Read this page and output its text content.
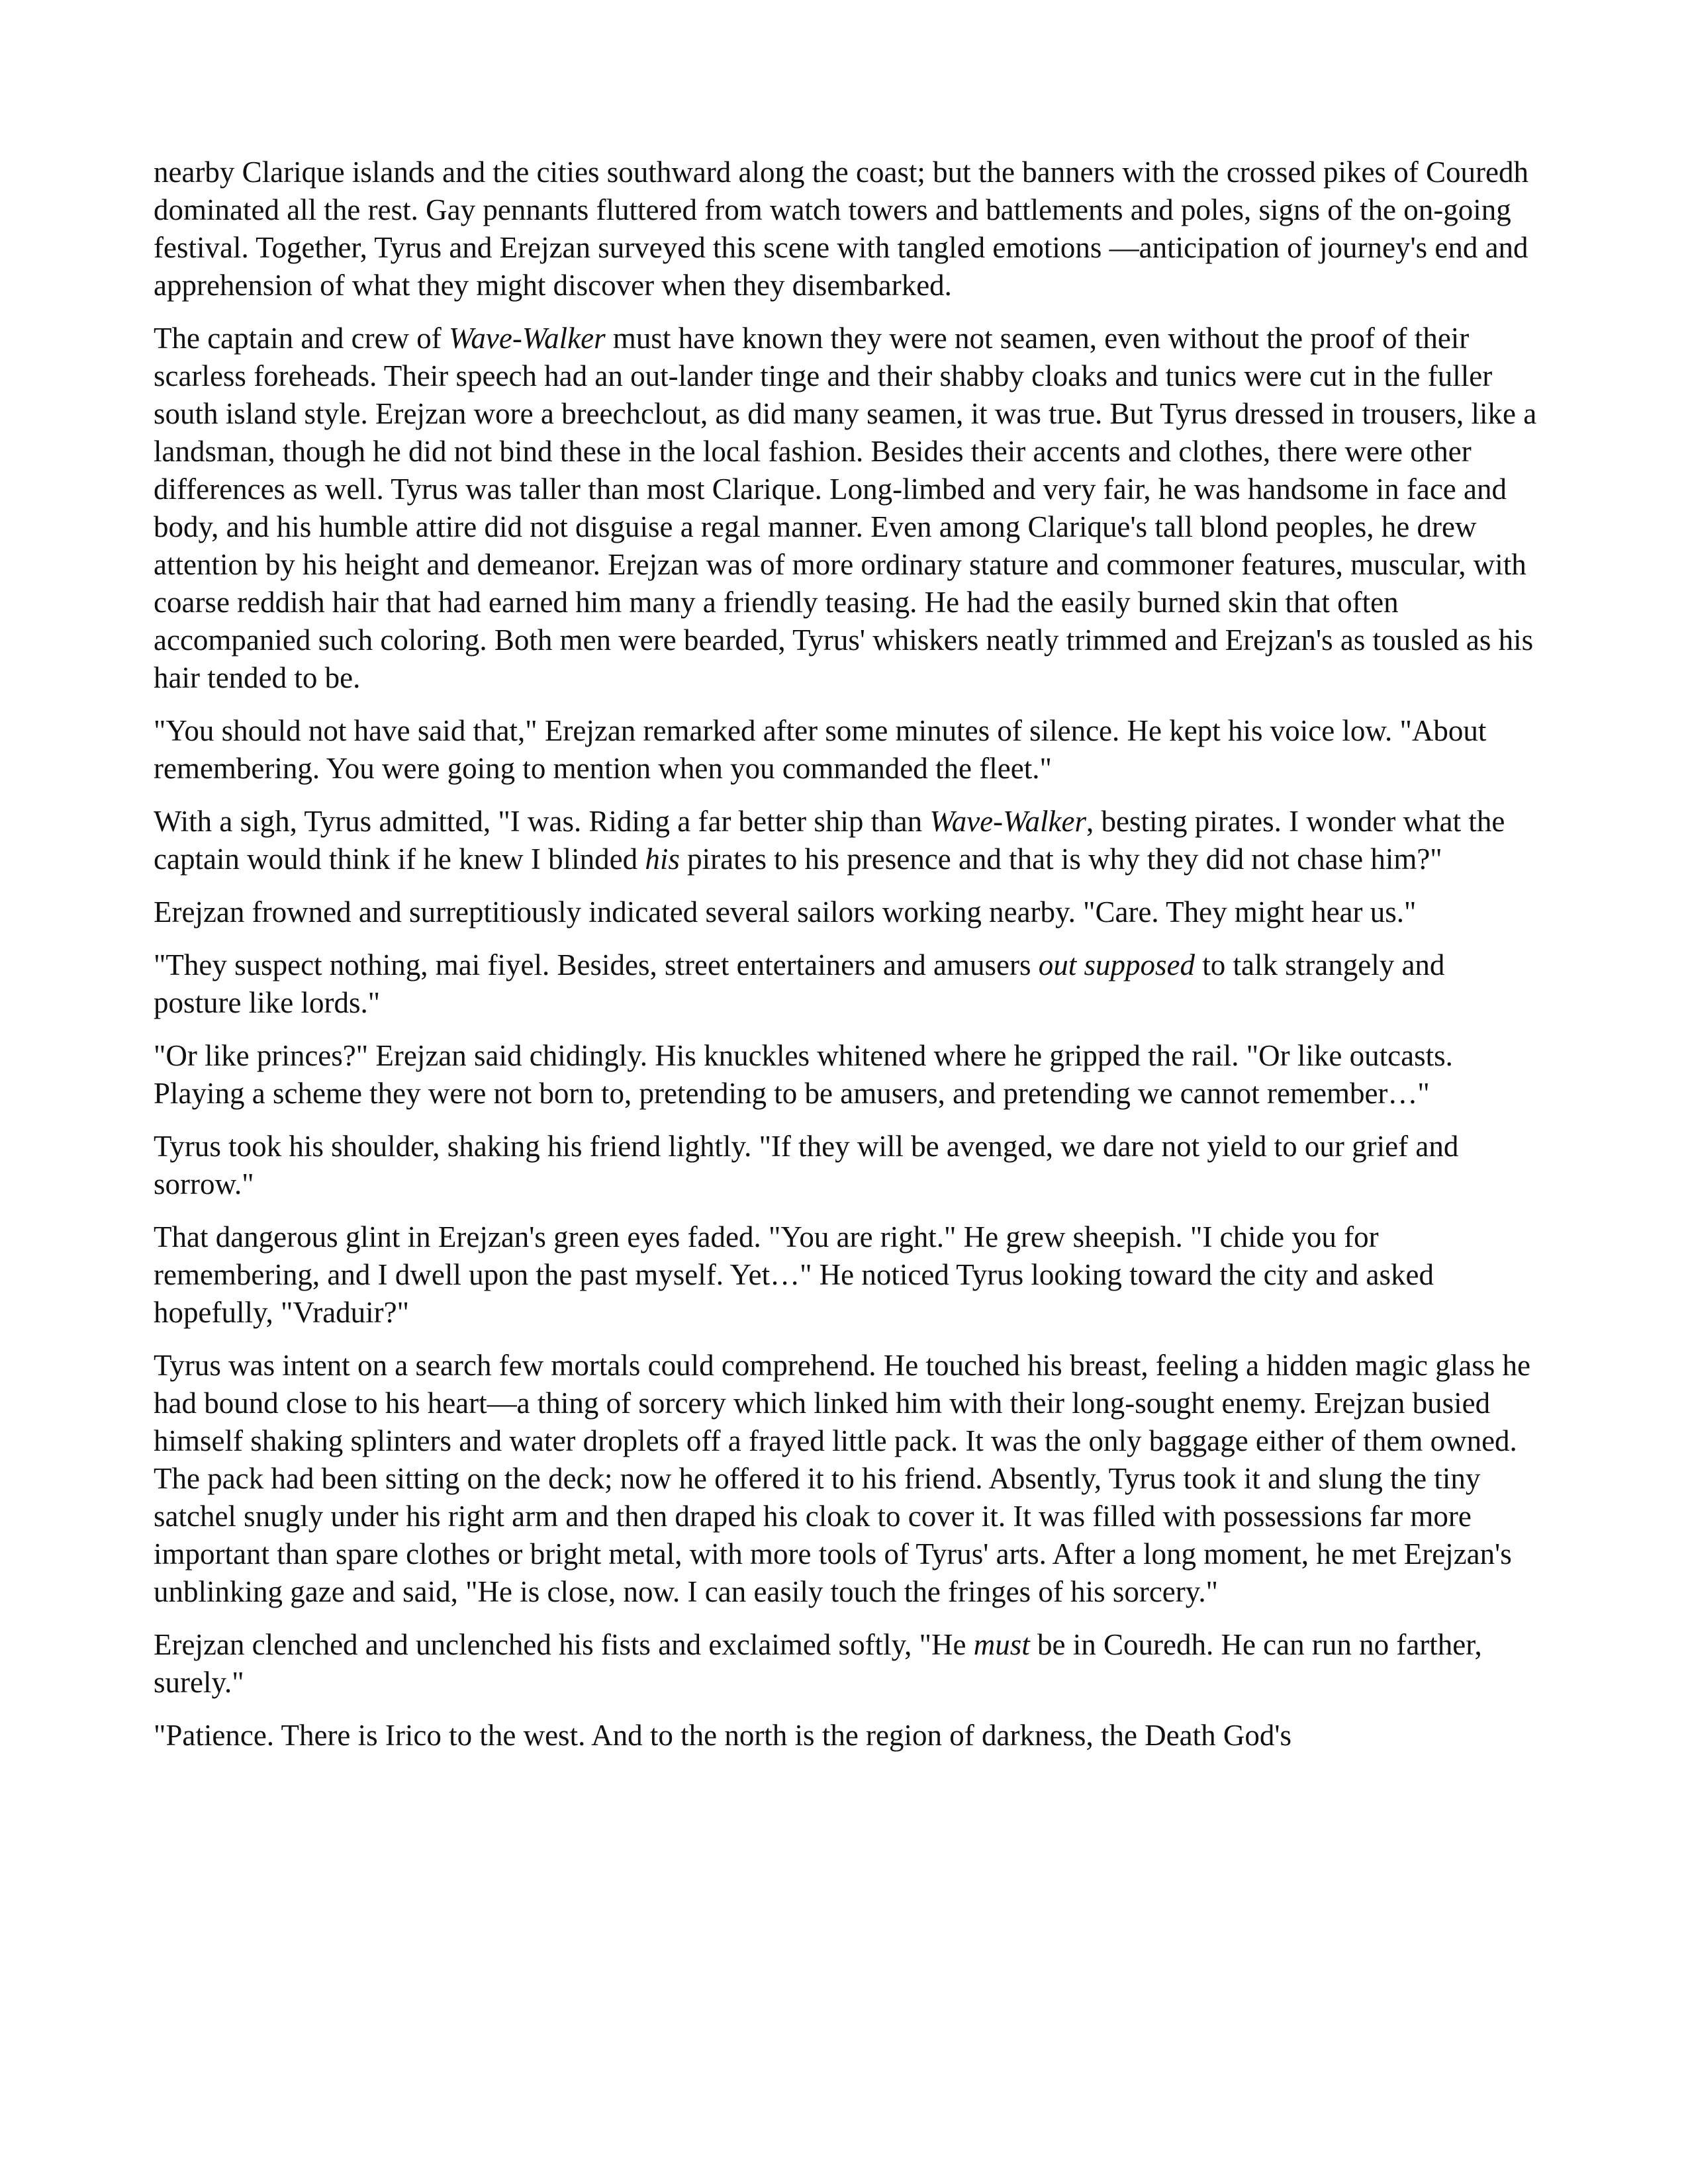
nearby Clarique islands and the cities southward along the coast; but the banners with the crossed pikes of Couredh dominated all the rest. Gay pennants fluttered from watch towers and battlements and poles, signs of the on-going festival. Together, Tyrus and Erejzan surveyed this scene with tangled emotions —anticipation of journey's end and apprehension of what they might discover when they disembarked.

The captain and crew of Wave-Walker must have known they were not seamen, even without the proof of their scarless foreheads. Their speech had an out-lander tinge and their shabby cloaks and tunics were cut in the fuller south island style. Erejzan wore a breechclout, as did many seamen, it was true. But Tyrus dressed in trousers, like a landsman, though he did not bind these in the local fashion. Besides their accents and clothes, there were other differences as well. Tyrus was taller than most Clarique. Long-limbed and very fair, he was handsome in face and body, and his humble attire did not disguise a regal manner. Even among Clarique's tall blond peoples, he drew attention by his height and demeanor. Erejzan was of more ordinary stature and commoner features, muscular, with coarse reddish hair that had earned him many a friendly teasing. He had the easily burned skin that often accompanied such coloring. Both men were bearded, Tyrus' whiskers neatly trimmed and Erejzan's as tousled as his hair tended to be.

"You should not have said that," Erejzan remarked after some minutes of silence. He kept his voice low. "About remembering. You were going to mention when you commanded the fleet."

With a sigh, Tyrus admitted, "I was. Riding a far better ship than Wave-Walker, besting pirates. I wonder what the captain would think if he knew I blinded his pirates to his presence and that is why they did not chase him?"

Erejzan frowned and surreptitiously indicated several sailors working nearby. "Care. They might hear us."

"They suspect nothing, mai fiyel. Besides, street entertainers and amusers out supposed to talk strangely and posture like lords."

"Or like princes?" Erejzan said chidingly. His knuckles whitened where he gripped the rail. "Or like outcasts. Playing a scheme they were not born to, pretending to be amusers, and pretending we cannot remember…"

Tyrus took his shoulder, shaking his friend lightly. "If they will be avenged, we dare not yield to our grief and sorrow."

That dangerous glint in Erejzan's green eyes faded. "You are right." He grew sheepish. "I chide you for remembering, and I dwell upon the past myself. Yet…" He noticed Tyrus looking toward the city and asked hopefully, "Vraduir?"

Tyrus was intent on a search few mortals could comprehend. He touched his breast, feeling a hidden magic glass he had bound close to his heart—a thing of sorcery which linked him with their long-sought enemy. Erejzan busied himself shaking splinters and water droplets off a frayed little pack. It was the only baggage either of them owned. The pack had been sitting on the deck; now he offered it to his friend. Absently, Tyrus took it and slung the tiny satchel snugly under his right arm and then draped his cloak to cover it. It was filled with possessions far more important than spare clothes or bright metal, with more tools of Tyrus' arts. After a long moment, he met Erejzan's unblinking gaze and said, "He is close, now. I can easily touch the fringes of his sorcery."

Erejzan clenched and unclenched his fists and exclaimed softly, "He must be in Couredh. He can run no farther, surely."

"Patience. There is Irico to the west. And to the north is the region of darkness, the Death God's
